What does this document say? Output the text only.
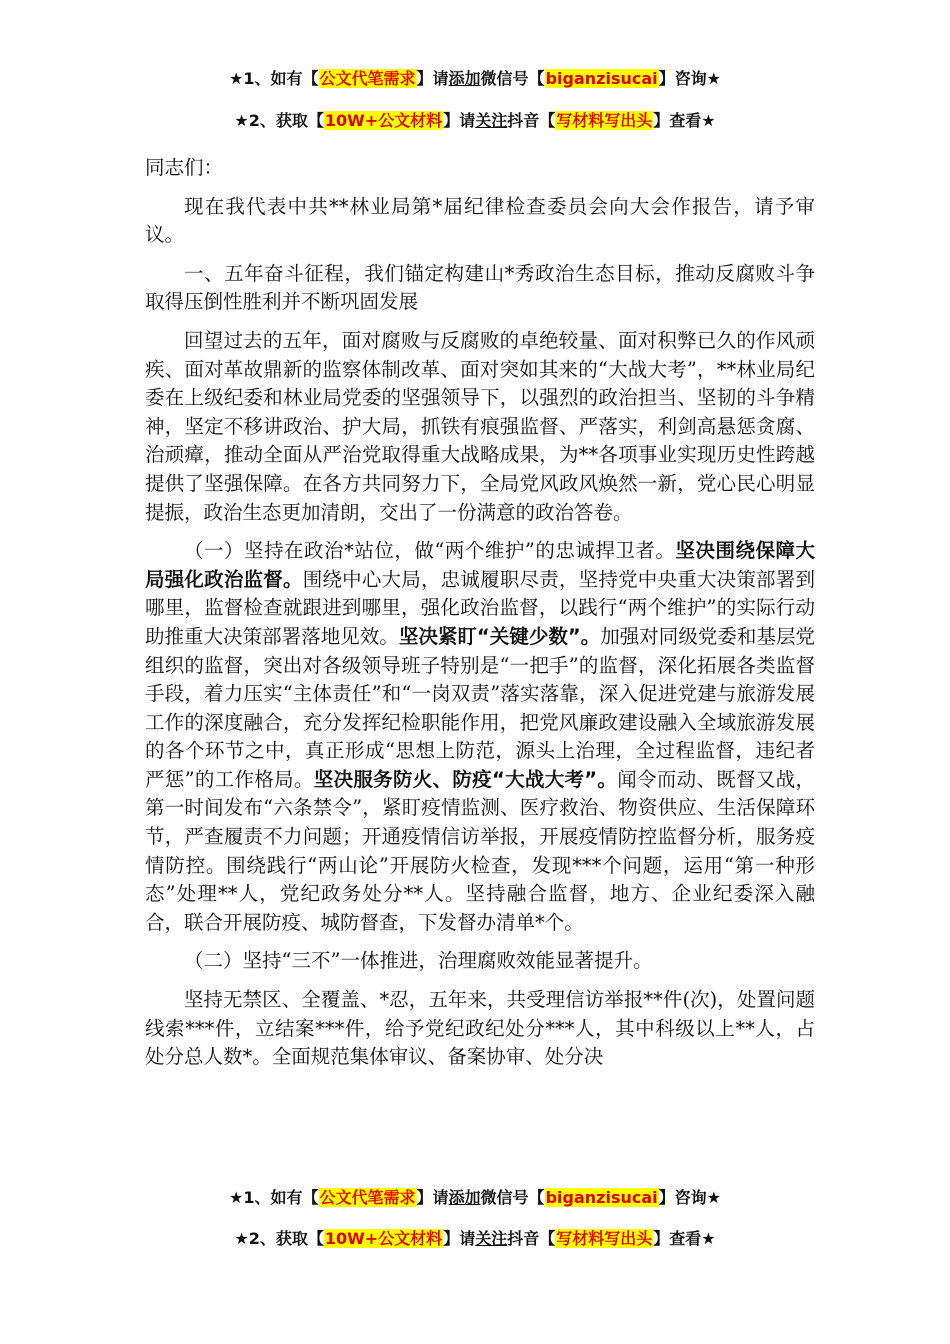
★1、如有【公文代笔需求】请添加微信号【biganzisucai】咨询★
★2、获取【10W+公文材料】请关注抖音【写材料写出头】查看★

同志们：

现在我代表中共**林业局第*届纪律检查委员会向大会作报告，请予审议。

一、五年奋斗征程，我们锚定构建山*秀政治生态目标，推动反腐败斗争取得压倒性胜利并不断巩固发展

回望过去的五年，面对腐败与反腐败的卓绝较量、面对积弊已久的作风顽疾、面对革故鼎新的监察体制改革、面对突如其来的“大战大考”，**林业局纪委在上级纪委和林业局党委的坚强领导下，以强烈的政治担当、坚韧的斗争精神，坚定不移讲政治、护大局，抓铁有痕强监督、严落实，利剑高悬惩贪腐、治顽瘴，推动全面从严治党取得重大战略成果，为**各项事业实现历史性跨越提供了坚强保障。在各方共同努力下，全局党风政风焕然一新，党心民心明显提振，政治生态更加清朗，交出了一份满意的政治答卷。

（一）坚持在政治*站位，做“两个维护”的忠诚捍卫者。坚决围绕保障大局强化政治监督。围绕中心大局，忠诚履职尽责，坚持党中央重大决策部署到哪里，监督检查就跟进到哪里，强化政治监督，以践行“两个维护”的实际行动助推重大决策部署落地见效。坚决紧盯“关键少数”。加强对同级党委和基层党组织的监督，突出对各级领导班子特别是“一把手”的监督，深化拓展各类监督手段，着力压实“主体责任”和“一岗双责”落实落靠，深入促进党建与旅游发展工作的深度融合，充分发挥纪检职能作用，把党风廉政建设融入全域旅游发展的各个环节之中，真正形成“思想上防范，源头上治理，全过程监督，违纪者严惩”的工作格局。坚决服务防火、防疫“大战大考”。闻令而动、既督又战，第一时间发布“六条禁令”，紧盯疫情监测、医疗救治、物资供应、生活保障环节，严查履责不力问题；开通疫情信访举报，开展疫情防控监督分析，服务疫情防控。围绕践行“两山论”开展防火检查，发现***个问题，运用“第一种形态”处理**人，党纪政务处分**人。坚持融合监督，地方、企业纪委深入融合，联合开展防疫、城防督查，下发督办清单*个。

（二）坚持“三不”一体推进，治理腐败效能显著提升。

坚持无禁区、全覆盖、*忍，五年来，共受理信访举报**件(次)，处置问题线索***件，立结案***件，给予党纪政纪处分***人，其中科级以上**人，占处分总人数*。全面规范集体审议、备案协审、处分决

★1、如有【公文代笔需求】请添加微信号【biganzisucai】咨询★
★2、获取【10W+公文材料】请关注抖音【写材料写出头】查看★
